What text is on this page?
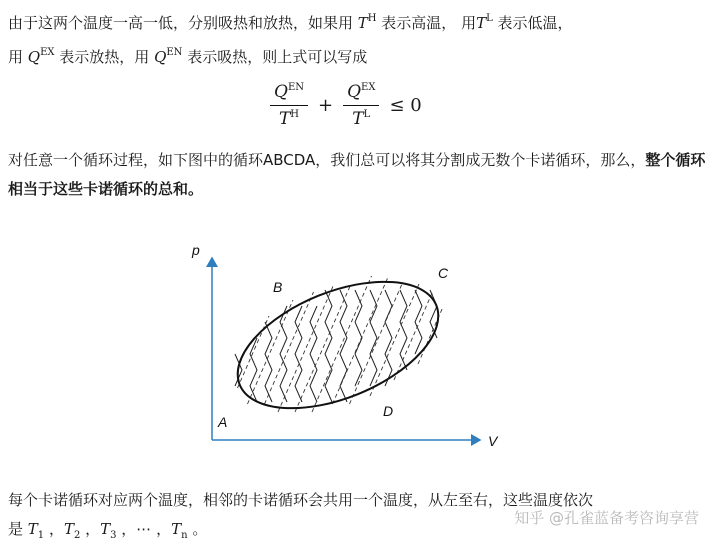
由于这两个温度一高一低，分别吸热和放热，如果用 $T^H$ 表示高温， 用$T^L$ 表示低温，
用 $Q^{EX}$ 表示放热，用 $Q^{EN}$ 表示吸热，则上式可以写成
$\frac{Q^{EN}}{T^H} + \frac{Q^{EX}}{T^L} \le 0$
对任意一个循环过程，如下图中的循环ABCDA，我们总可以将其分割成无数个卡诺循环，那么，整个循环相当于这些卡诺循环的总和。
p
V
A
B
C
D
每个卡诺循环对应两个温度，相邻的卡诺循环会共用一个温度，从左至右，这些温度依次
是 $T_1$ ，$T_2$ ，$T_3$ ，⋯ ，$T_n$ 。
知乎 @孔雀蓝备考咨询享营
